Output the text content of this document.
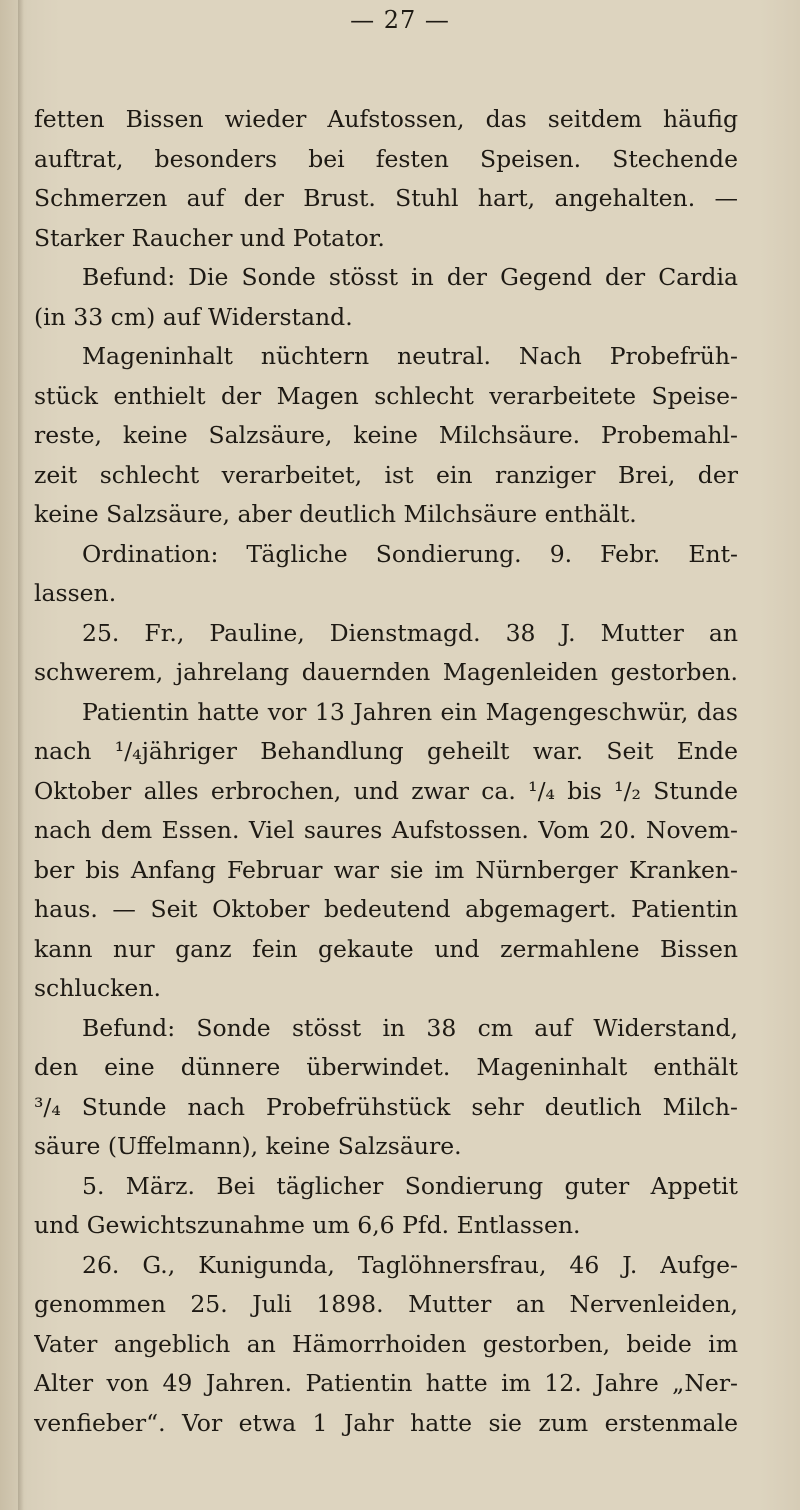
— 27 —
fetten Bissen wieder Aufstossen, das seitdem häufig
auftrat, besonders bei festen Speisen. Stechende
Schmerzen auf der Brust. Stuhl hart, angehalten. —
Starker Raucher und Potator.
Befund: Die Sonde stösst in der Gegend der Cardia
(in 33 cm) auf Widerstand.
Mageninhalt nüchtern neutral. Nach Probefrüh-
stück enthielt der Magen schlecht verarbeitete Speise-
reste, keine Salzsäure, keine Milchsäure. Probemahl-
zeit schlecht verarbeitet, ist ein ranziger Brei, der
keine Salzsäure, aber deutlich Milchsäure enthält.
Ordination: Tägliche Sondierung. 9. Febr. Ent-
lassen.
25. Fr., Pauline, Dienstmagd. 38 J. Mutter an
schwerem, jahrelang dauernden Magenleiden gestorben.
Patientin hatte vor 13 Jahren ein Magengeschwür, das
nach ¹/₄jähriger Behandlung geheilt war. Seit Ende
Oktober alles erbrochen, und zwar ca. ¹/₄ bis ¹/₂ Stunde
nach dem Essen. Viel saures Aufstossen. Vom 20. Novem-
ber bis Anfang Februar war sie im Nürnberger Kranken-
haus. — Seit Oktober bedeutend abgemagert. Patientin
kann nur ganz fein gekaute und zermahlene Bissen
schlucken.
Befund: Sonde stösst in 38 cm auf Widerstand,
den eine dünnere überwindet. Mageninhalt enthält
³/₄ Stunde nach Probefrühstück sehr deutlich Milch-
säure (Uffelmann), keine Salzsäure.
5. März. Bei täglicher Sondierung guter Appetit
und Gewichtszunahme um 6,6 Pfd. Entlassen.
26. G., Kunigunda, Taglöhnersfrau, 46 J. Aufge-
genommen 25. Juli 1898. Mutter an Nervenleiden,
Vater angeblich an Hämorrhoiden gestorben, beide im
Alter von 49 Jahren. Patientin hatte im 12. Jahre „Ner-
venfieber“. Vor etwa 1 Jahr hatte sie zum erstenmale
